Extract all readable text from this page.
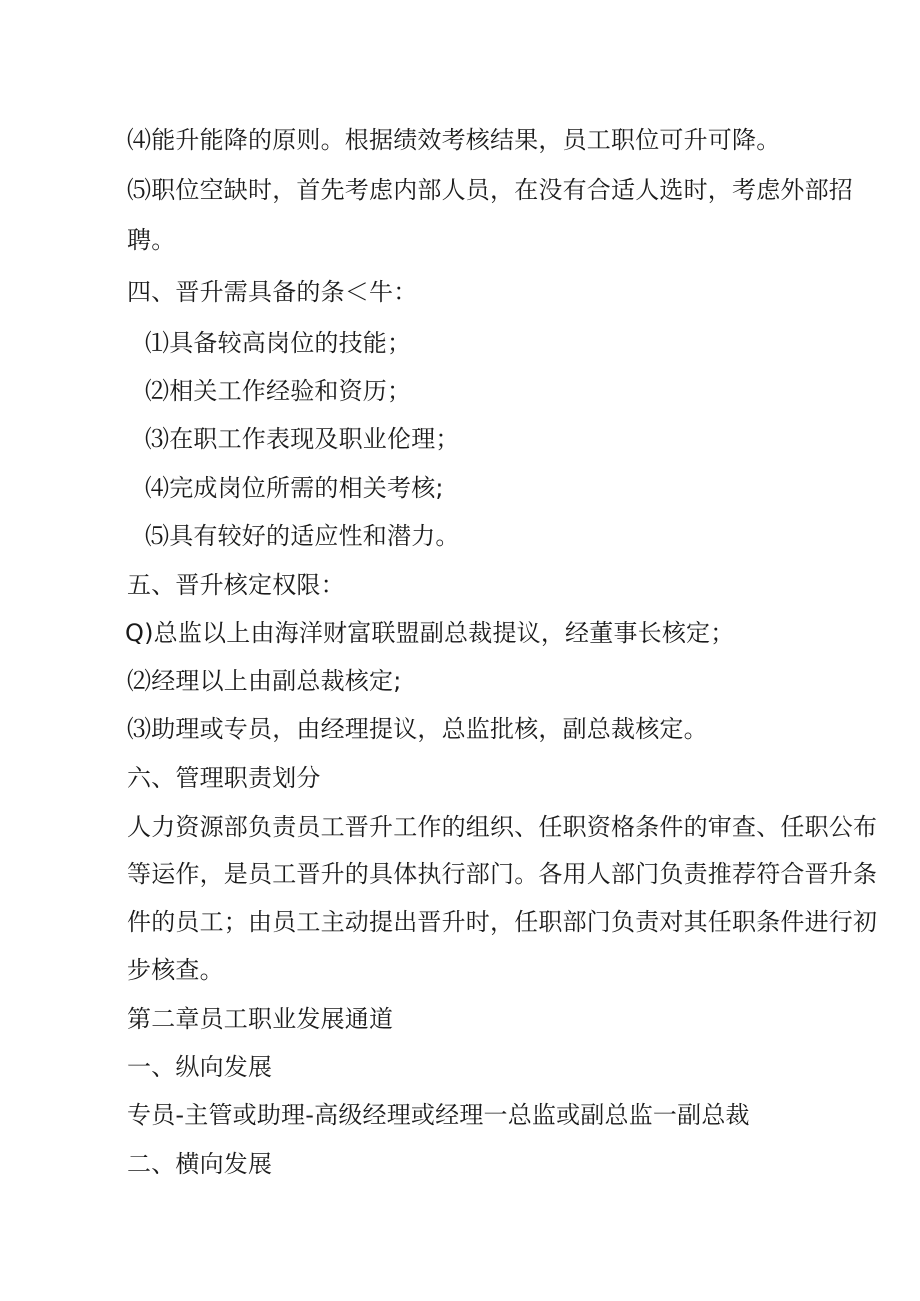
⑷能升能降的原则。根据绩效考核结果，员工职位可升可降。
⑸职位空缺时，首先考虑内部人员，在没有合适人选时，考虑外部招
聘。
四、晋升需具备的条＜牛：
⑴具备较高岗位的技能；
⑵相关工作经验和资历；
⑶在职工作表现及职业伦理；
⑷完成岗位所需的相关考核;
⑸具有较好的适应性和潜力。
五、晋升核定权限：
Q)总监以上由海洋财富联盟副总裁提议，经董事长核定；
⑵经理以上由副总裁核定;
⑶助理或专员，由经理提议，总监批核，副总裁核定。
六、管理职责划分
人力资源部负责员工晋升工作的组织、任职资格条件的审查、任职公布
等运作，是员工晋升的具体执行部门。各用人部门负责推荐符合晋升条
件的员工；由员工主动提出晋升时，任职部门负责对其任职条件进行初
步核查。
第二章员工职业发展通道
一、纵向发展
专员-主管或助理-高级经理或经理一总监或副总监一副总裁
二、横向发展
